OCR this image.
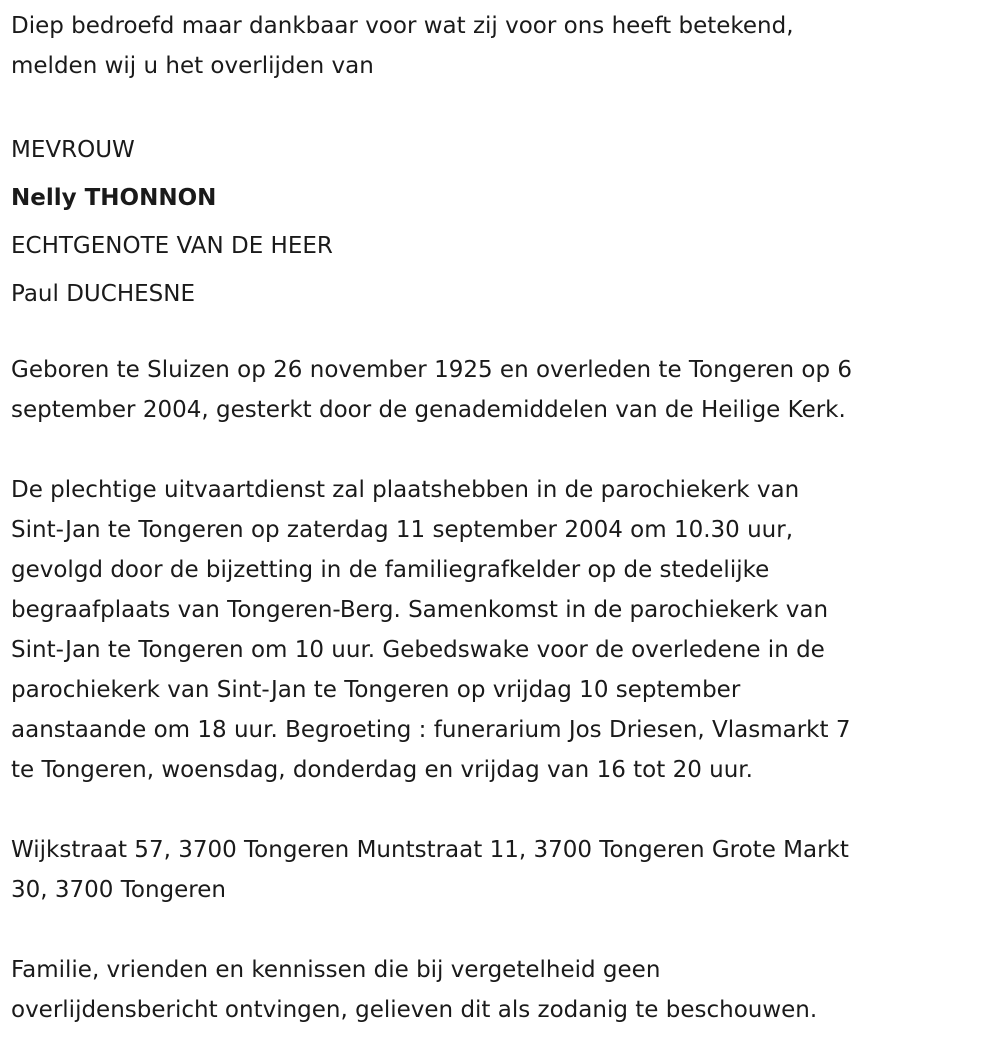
Diep bedroefd maar dankbaar voor wat zij voor ons heeft betekend,

melden wij u het overlijden van

MEVROUW

Nelly THONNON

ECHTGENOTE VAN DE HEER

Paul DUCHESNE

Geboren te Sluizen op 26 november 1925 en overleden te Tongeren op 6

september 2004, gesterkt door de genademiddelen van de Heilige Kerk.

De plechtige uitvaartdienst zal plaatshebben in de parochiekerk van

Sint-Jan te Tongeren op zaterdag 11 september 2004 om 10.30 uur,

gevolgd door de bijzetting in de familiegrafkelder op de stedelijke

begraafplaats van Tongeren-Berg. Samenkomst in de parochiekerk van

Sint-Jan te Tongeren om 10 uur. Gebedswake voor de overledene in de

parochiekerk van Sint-Jan te Tongeren op vrijdag 10 september

aanstaande om 18 uur. Begroeting : funerarium Jos Driesen, Vlasmarkt 7

te Tongeren, woensdag, donderdag en vrijdag van 16 tot 20 uur.

Wijkstraat 57, 3700 Tongeren Muntstraat 11, 3700 Tongeren Grote Markt

30, 3700 Tongeren

Familie, vrienden en kennissen die bij vergetelheid geen

overlijdensbericht ontvingen, gelieven dit als zodanig te beschouwen.
